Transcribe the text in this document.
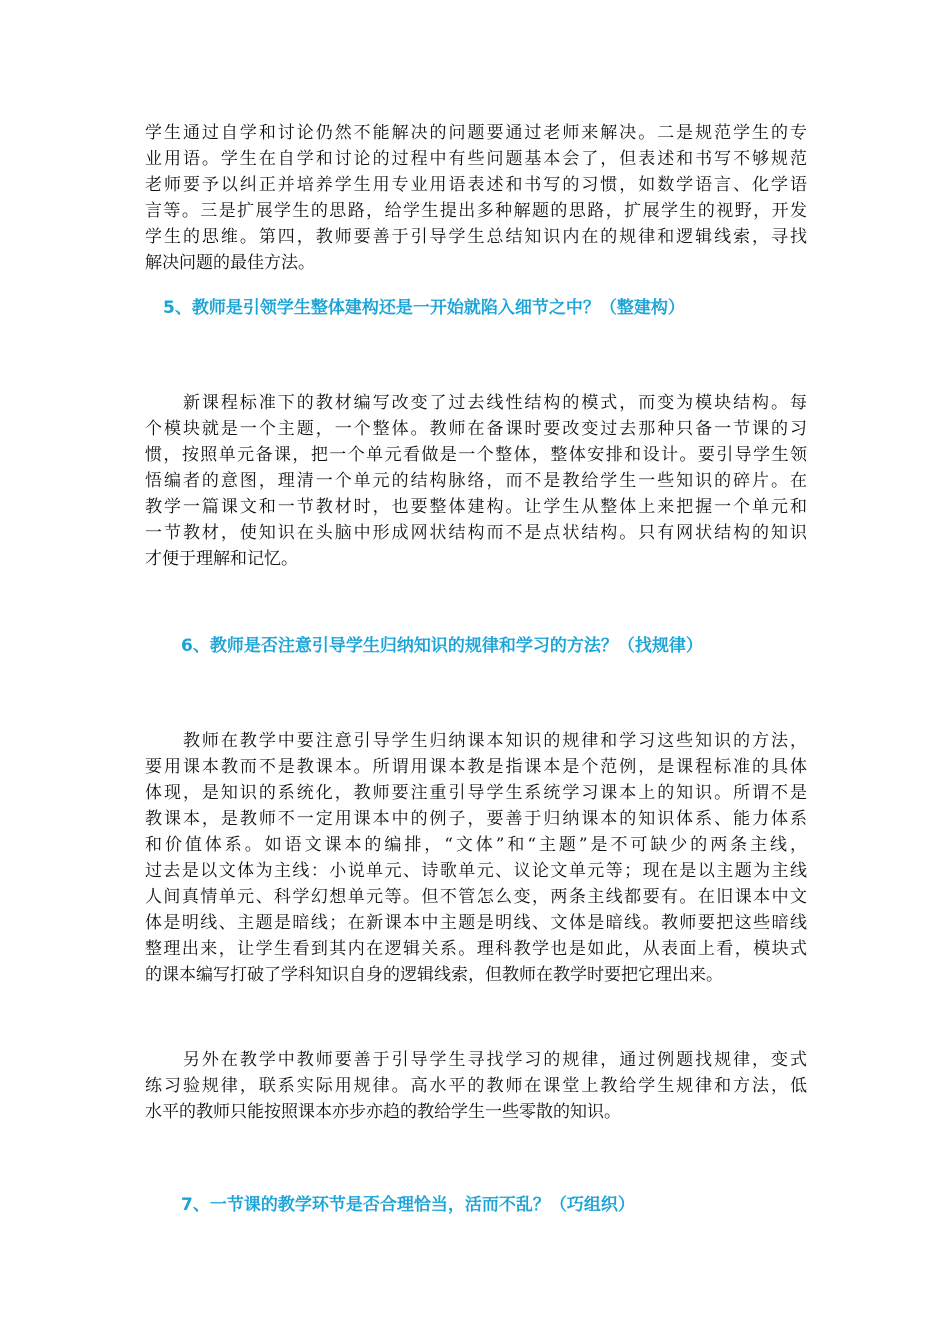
学生通过自学和讨论仍然不能解决的问题要通过老师来解决。二是规范学生的专
业用语。学生在自学和讨论的过程中有些问题基本会了，但表述和书写不够规范
老师要予以纠正并培养学生用专业用语表述和书写的习惯，如数学语言、化学语
言等。三是扩展学生的思路，给学生提出多种解题的思路，扩展学生的视野，开发
学生的思维。第四，教师要善于引导学生总结知识内在的规律和逻辑线索，寻找
解决问题的最佳方法。
5、教师是引领学生整体建构还是一开始就陷入细节之中？（整建构）
　　新课程标准下的教材编写改变了过去线性结构的模式，而变为模块结构。每
个模块就是一个主题，一个整体。教师在备课时要改变过去那种只备一节课的习
惯，按照单元备课，把一个单元看做是一个整体，整体安排和设计。要引导学生领
悟编者的意图，理清一个单元的结构脉络，而不是教给学生一些知识的碎片。在
教学一篇课文和一节教材时，也要整体建构。让学生从整体上来把握一个单元和
一节教材，使知识在头脑中形成网状结构而不是点状结构。只有网状结构的知识
才便于理解和记忆。
6、教师是否注意引导学生归纳知识的规律和学习的方法？（找规律）
　　教师在教学中要注意引导学生归纳课本知识的规律和学习这些知识的方法，
要用课本教而不是教课本。所谓用课本教是指课本是个范例，是课程标准的具体
体现，是知识的系统化，教师要注重引导学生系统学习课本上的知识。所谓不是
教课本，是教师不一定用课本中的例子，要善于归纳课本的知识体系、能力体系
和价值体系。如语文课本的编排，“文体”和“主题”是不可缺少的两条主线，
过去是以文体为主线：小说单元、诗歌单元、议论文单元等；现在是以主题为主线
人间真情单元、科学幻想单元等。但不管怎么变，两条主线都要有。在旧课本中文
体是明线、主题是暗线；在新课本中主题是明线、文体是暗线。教师要把这些暗线
整理出来，让学生看到其内在逻辑关系。理科教学也是如此，从表面上看，模块式
的课本编写打破了学科知识自身的逻辑线索，但教师在教学时要把它理出来。
　　另外在教学中教师要善于引导学生寻找学习的规律，通过例题找规律，变式
练习验规律，联系实际用规律。高水平的教师在课堂上教给学生规律和方法，低
水平的教师只能按照课本亦步亦趋的教给学生一些零散的知识。
7、一节课的教学环节是否合理恰当，活而不乱？（巧组织）
